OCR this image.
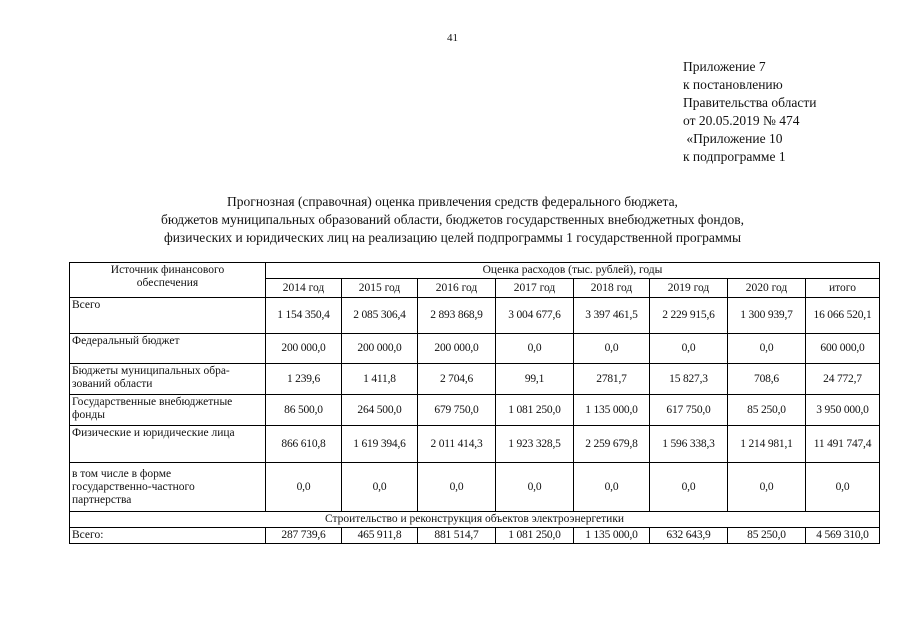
41
Приложение 7
к постановлению
Правительства области
от 20.05.2019 № 474
«Приложение 10
к подпрограмме 1
Прогнозная (справочная) оценка привлечения средств федерального бюджета,
бюджетов муниципальных образований области, бюджетов государственных внебюджетных фондов,
физических и юридических лиц на реализацию целей подпрограммы 1 государственной программы
Источник финансового
обеспечения	Оценка расходов (тыс. рублей), годы							
	2014 год	2015 год	2016 год	2017 год	2018 год	2019 год	2020 год	итого

Всего	1 154 350,4	2 085 306,4	2 893 868,9	3 004 677,6	3 397 461,5	2 229 915,6	1 300 939,7	16 066 520,1

Федеральный бюджет	200 000,0	200 000,0	200 000,0	0,0	0,0	0,0	0,0	600 000,0

Бюджеты муниципальных обра-
зований области	1 239,6	1 411,8	2 704,6	99,1	2781,7	15 827,3	708,6	24 772,7

Государственные внебюджетные
фонды	86 500,0	264 500,0	679 750,0	1 081 250,0	1 135 000,0	617 750,0	85 250,0	3 950 000,0

Физические и юридические лица	866 610,8	1 619 394,6	2 011 414,3	1 923 328,5	2 259 679,8	1 596 338,3	1 214 981,1	11 491 747,4

в том числе в форме
государственно-частного
партнерства	0,0	0,0	0,0	0,0	0,0	0,0	0,0	0,0
Строительство и реконструкция объектов электроэнергетики								
Всего:	287 739,6	465 911,8	881 514,7	1 081 250,0	1 135 000,0	632 643,9	85 250,0	4 569 310,0
